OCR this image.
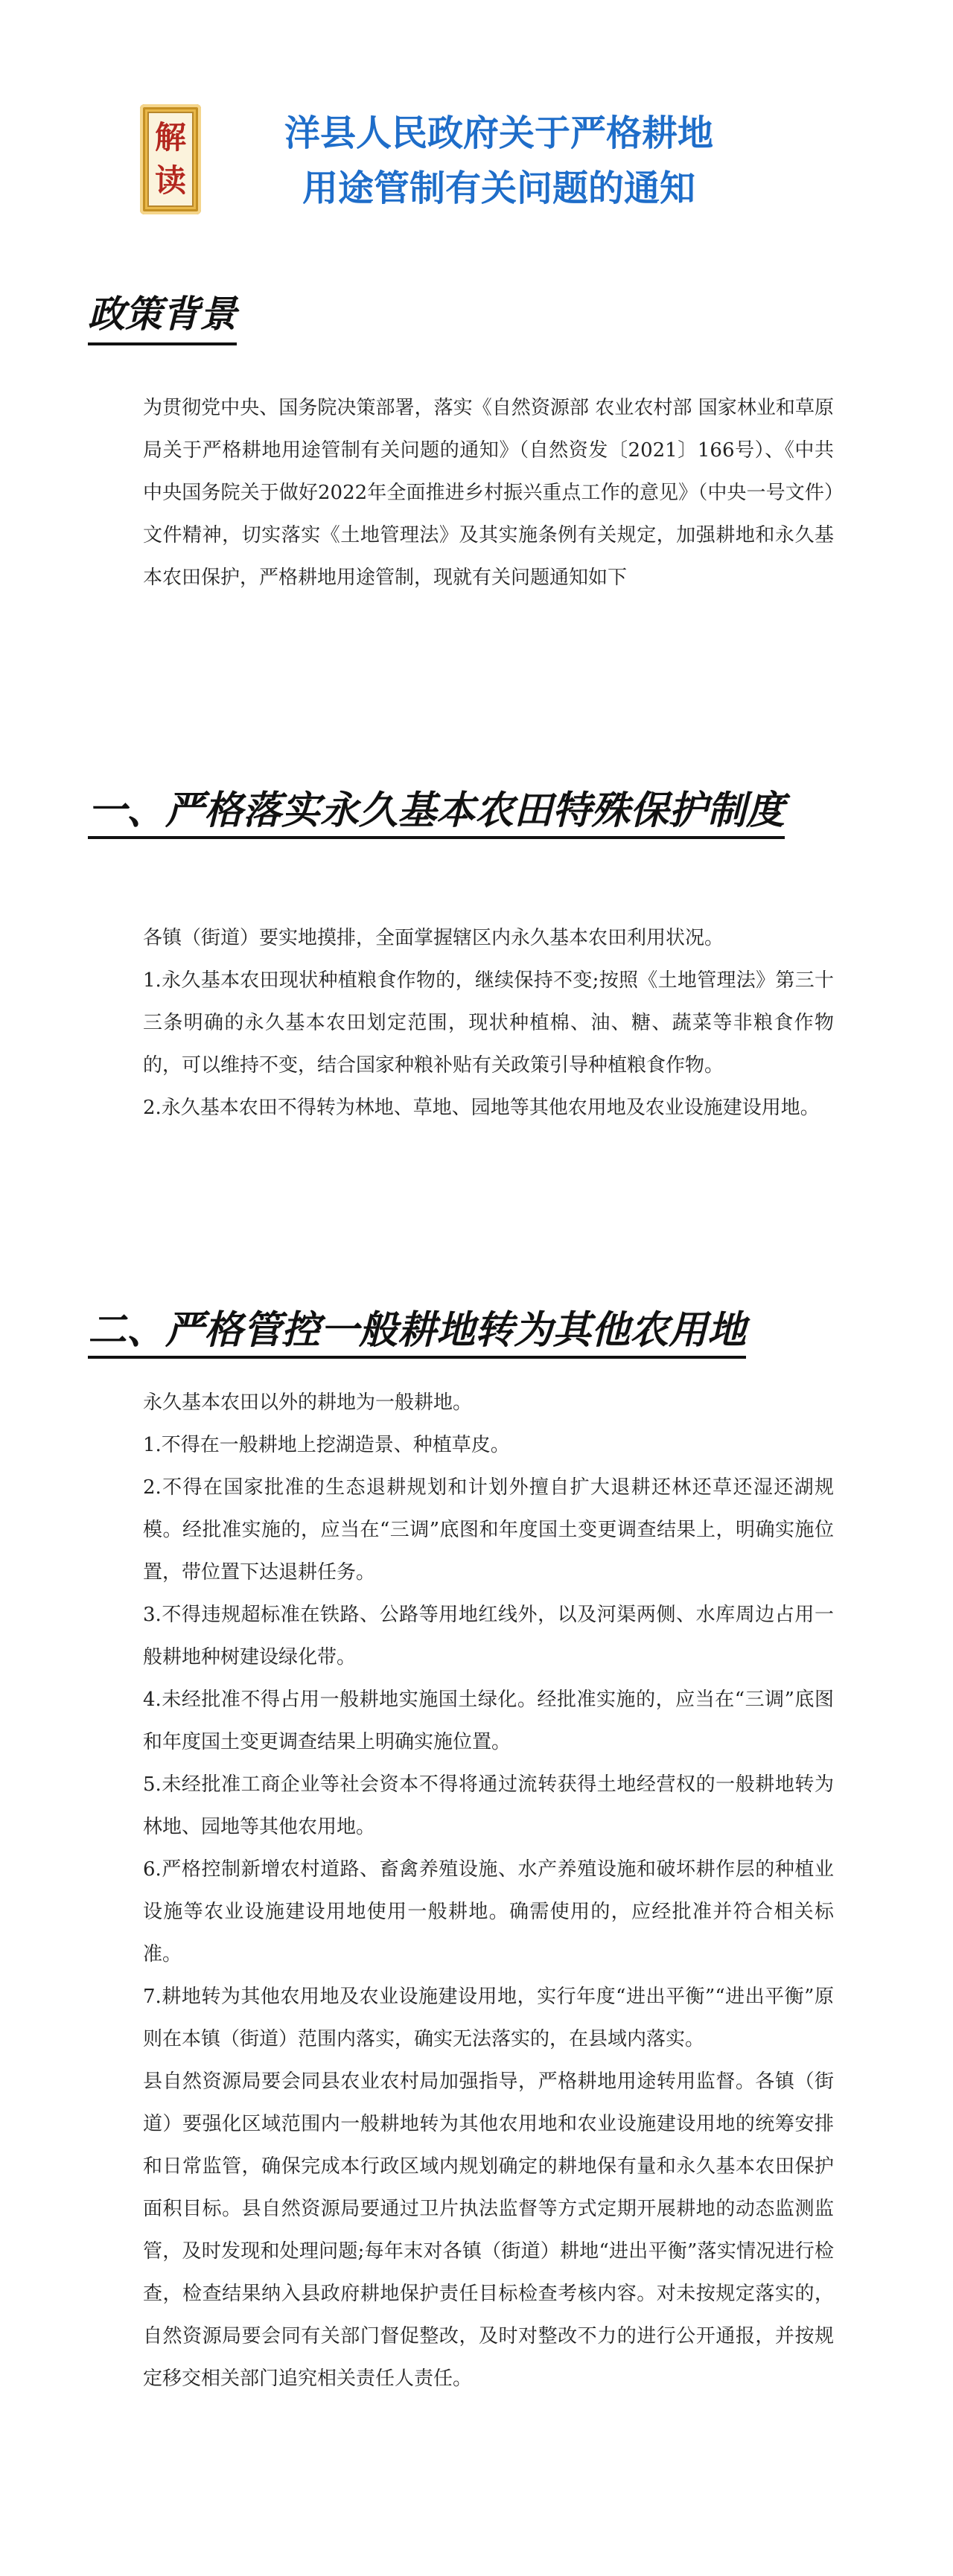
解
读
洋县人民政府关于严格耕地
用途管制有关问题的通知
政策背景
为贯彻党中央、国务院决策部署，落实《自然资源部 农业农村部 国家林业和草原局关于严格耕地用途管制有关问题的通知》（自然资发〔2021〕166号）、《中共中央国务院关于做好2022年全面推进乡村振兴重点工作的意见》（中央一号文件）文件精神，切实落实《土地管理法》及其实施条例有关规定，加强耕地和永久基本农田保护，严格耕地用途管制，现就有关问题通知如下
一、严格落实永久基本农田特殊保护制度

各镇（街道）要实地摸排，全面掌握辖区内永久基本农田利用状况。

1.永久基本农田现状种植粮食作物的，继续保持不变;按照《土地管理法》第三十三条明确的永久基本农田划定范围，现状种植棉、油、糖、蔬菜等非粮食作物的，可以维持不变，结合国家种粮补贴有关政策引导种植粮食作物。

2.永久基本农田不得转为林地、草地、园地等其他农用地及农业设施建设用地。

二、严格管控一般耕地转为其他农用地

永久基本农田以外的耕地为一般耕地。

1.不得在一般耕地上挖湖造景、种植草皮。

2.不得在国家批准的生态退耕规划和计划外擅自扩大退耕还林还草还湿还湖规模。经批准实施的，应当在“三调”底图和年度国土变更调查结果上，明确实施位置，带位置下达退耕任务。

3.不得违规超标准在铁路、公路等用地红线外，以及河渠两侧、水库周边占用一般耕地种树建设绿化带。

4.未经批准不得占用一般耕地实施国土绿化。经批准实施的，应当在“三调”底图和年度国土变更调查结果上明确实施位置。

5.未经批准工商企业等社会资本不得将通过流转获得土地经营权的一般耕地转为林地、园地等其他农用地。

6.严格控制新增农村道路、畜禽养殖设施、水产养殖设施和破坏耕作层的种植业设施等农业设施建设用地使用一般耕地。确需使用的，应经批准并符合相关标准。

7.耕地转为其他农用地及农业设施建设用地，实行年度“进出平衡”“进出平衡”原则在本镇（街道）范围内落实，确实无法落实的，在县域内落实。

县自然资源局要会同县农业农村局加强指导，严格耕地用途转用监督。各镇（街道）要强化区域范围内一般耕地转为其他农用地和农业设施建设用地的统筹安排和日常监管，确保完成本行政区域内规划确定的耕地保有量和永久基本农田保护面积目标。县自然资源局要通过卫片执法监督等方式定期开展耕地的动态监测监管，及时发现和处理问题;每年末对各镇（街道）耕地“进出平衡”落实情况进行检查，检查结果纳入县政府耕地保护责任目标检查考核内容。对未按规定落实的，自然资源局要会同有关部门督促整改，及时对整改不力的进行公开通报，并按规定移交相关部门追究相关责任人责任。
